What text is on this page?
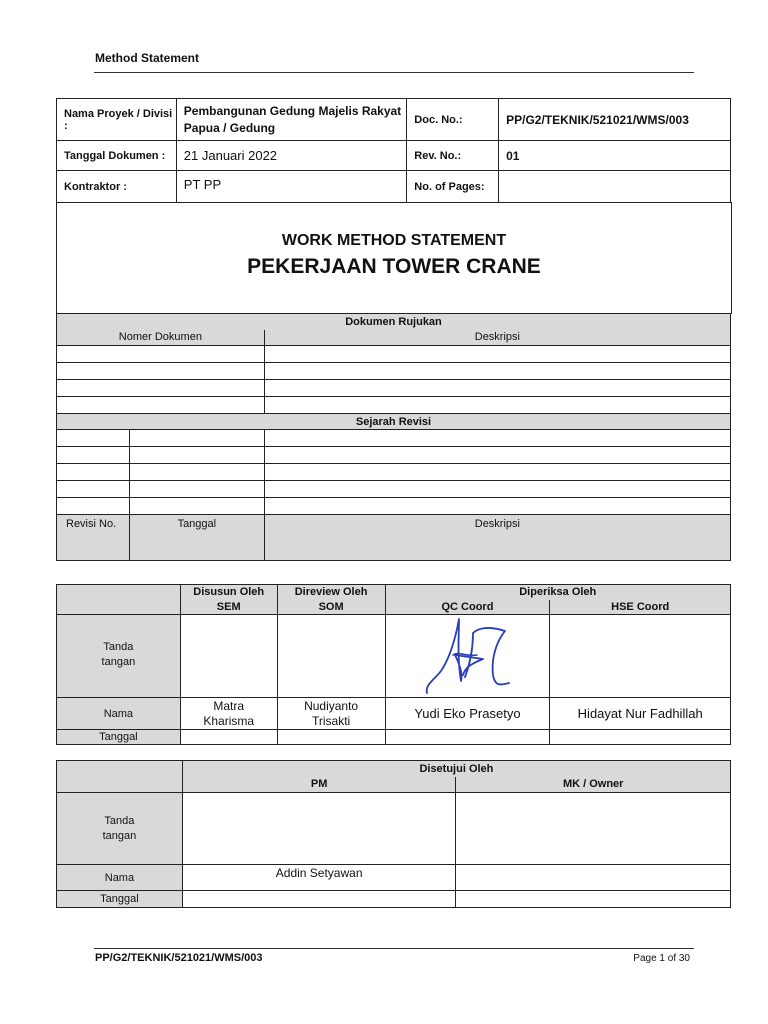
Method Statement
Nama Proyek / Divisi :	Pembangunan Gedung Majelis Rakyat Papua / Gedung	Doc. No.:	PP/G2/TEKNIK/521021/WMS/003
Tanggal Dokumen :	21 Januari 2022	Rev. No.:	01
Kontraktor :	PT PP	No. of Pages:	
WORK METHOD STATEMENT
PEKERJAAN TOWER CRANE
Dokumen Rujukan		
Nomer Dokumen		Deskripsi

Sejarah Revisi		

Revisi No.	Tanggal	Deskripsi
	Disusun Oleh	Direview Oleh	Diperiksa Oleh	
	SEM	SOM	QC Coord	HSE Coord

Tanda tangan

Nama	Matra Kharisma	Nudiyanto Trisakti	Yudi Eko Prasetyo	Hidayat Nur Fadhillah
Tanggal				
	Disetujui Oleh	
	PM	MK / Owner

Tanda tangan		

Nama	Addin Setyawan	
Tanggal		
PP/G2/TEKNIK/521021/WMS/003	Page 1 of 30
